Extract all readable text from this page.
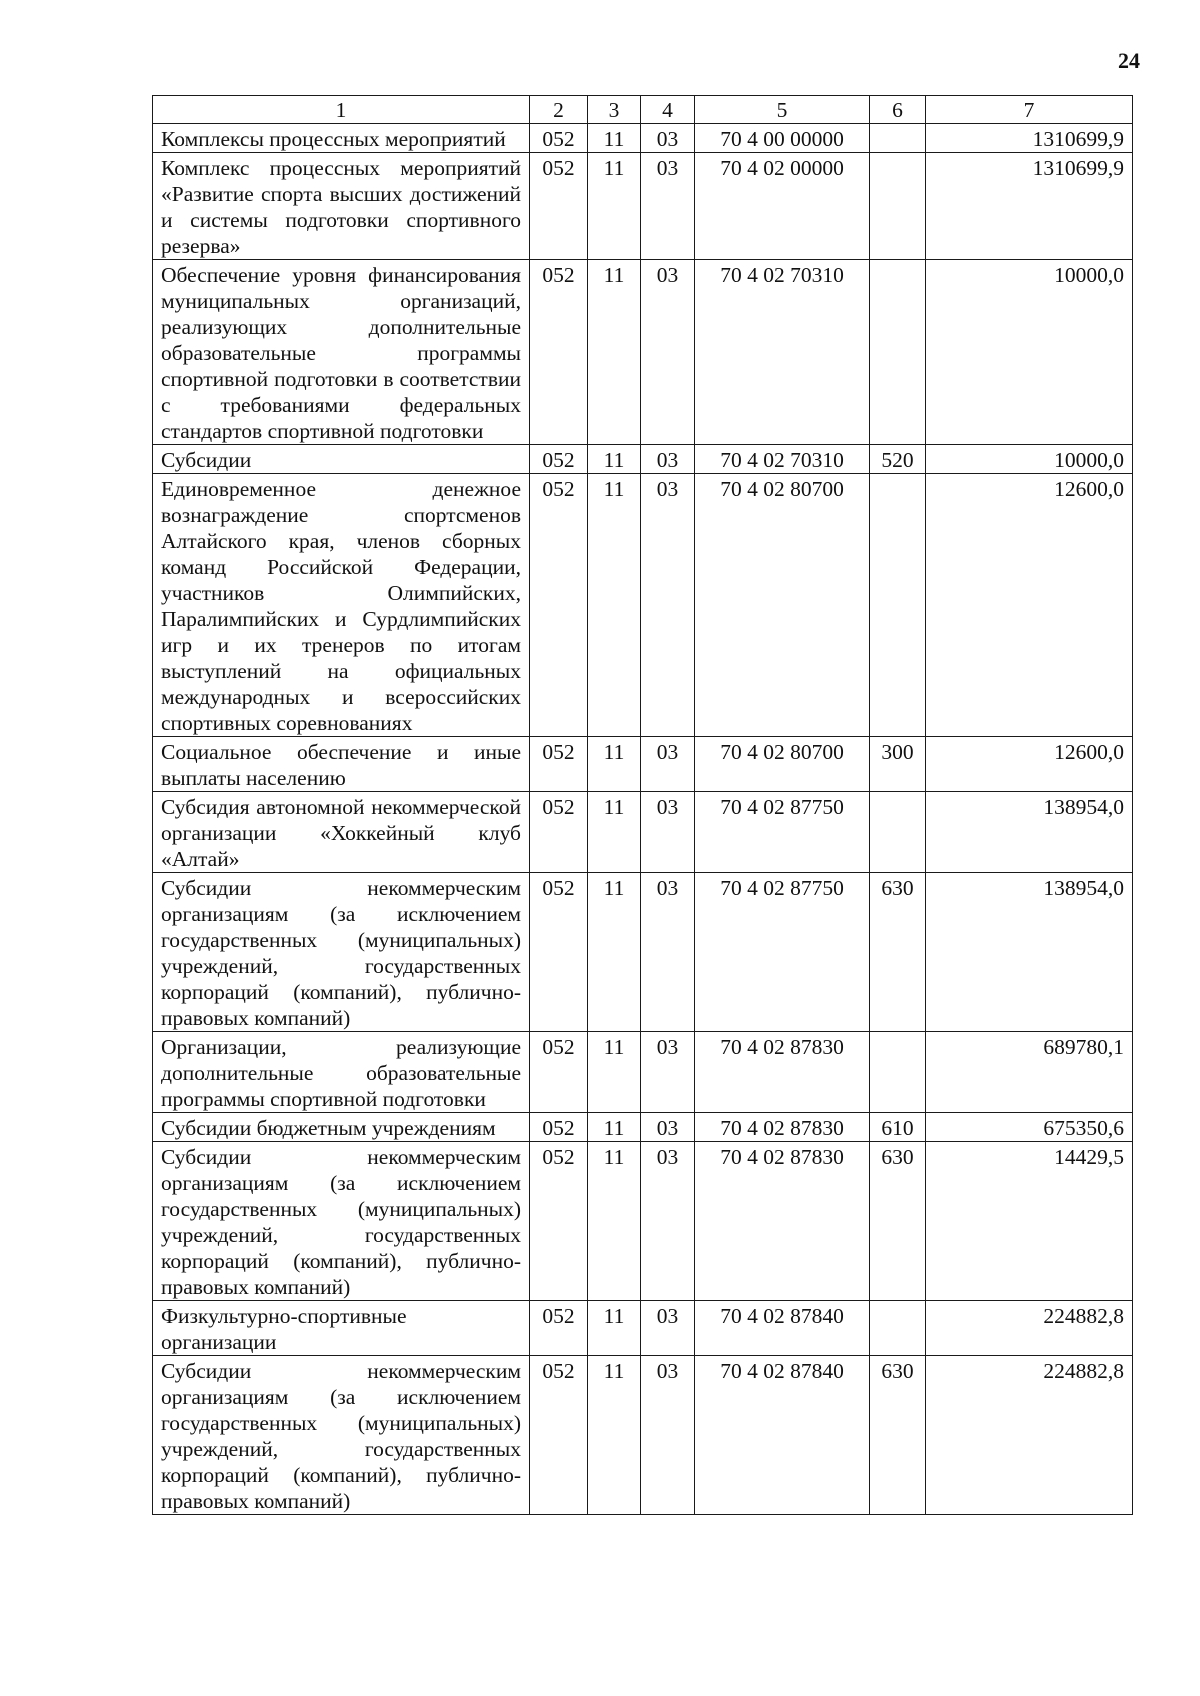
24
1	2	3	4	5	6	7
Комплексы процессных мероприятий	052	11	03	70 4 00 00000		1310699,9
Комплекс процессных мероприятий «Развитие спорта высших достижений и системы подготовки спортивного резерва»	052	11	03	70 4 02 00000		1310699,9
Обеспечение уровня финансирования муниципальных организаций, реализующих дополнительные образовательные программы спортивной подготовки в соответствии с требованиями федеральных стандартов спортивной подготовки	052	11	03	70 4 02 70310		10000,0
Субсидии	052	11	03	70 4 02 70310	520	10000,0
Единовременное денежное вознаграждение спортсменов Алтайского края, членов сборных команд Российской Федерации, участников Олимпийских, Паралимпийских и Сурдлимпийских игр и их тренеров по итогам выступлений на официальных международных и всероссийских спортивных соревнованиях	052	11	03	70 4 02 80700		12600,0
Социальное обеспечение и иные выплаты населению	052	11	03	70 4 02 80700	300	12600,0
Субсидия автономной некоммерческой организации «Хоккейный клуб «Алтай»	052	11	03	70 4 02 87750		138954,0
Субсидии некоммерческим организациям (за исключением государственных (муниципальных) учреждений, государственных корпораций (компаний), публично-правовых компаний)	052	11	03	70 4 02 87750	630	138954,0
Организации, реализующие дополнительные образовательные программы спортивной подготовки	052	11	03	70 4 02 87830		689780,1
Субсидии бюджетным учреждениям	052	11	03	70 4 02 87830	610	675350,6
Субсидии некоммерческим организациям (за исключением государственных (муниципальных) учреждений, государственных корпораций (компаний), публично-правовых компаний)	052	11	03	70 4 02 87830	630	14429,5
Физкультурно-спортивные организации	052	11	03	70 4 02 87840		224882,8
Субсидии некоммерческим организациям (за исключением государственных (муниципальных) учреждений, государственных корпораций (компаний), публично-правовых компаний)	052	11	03	70 4 02 87840	630	224882,8
